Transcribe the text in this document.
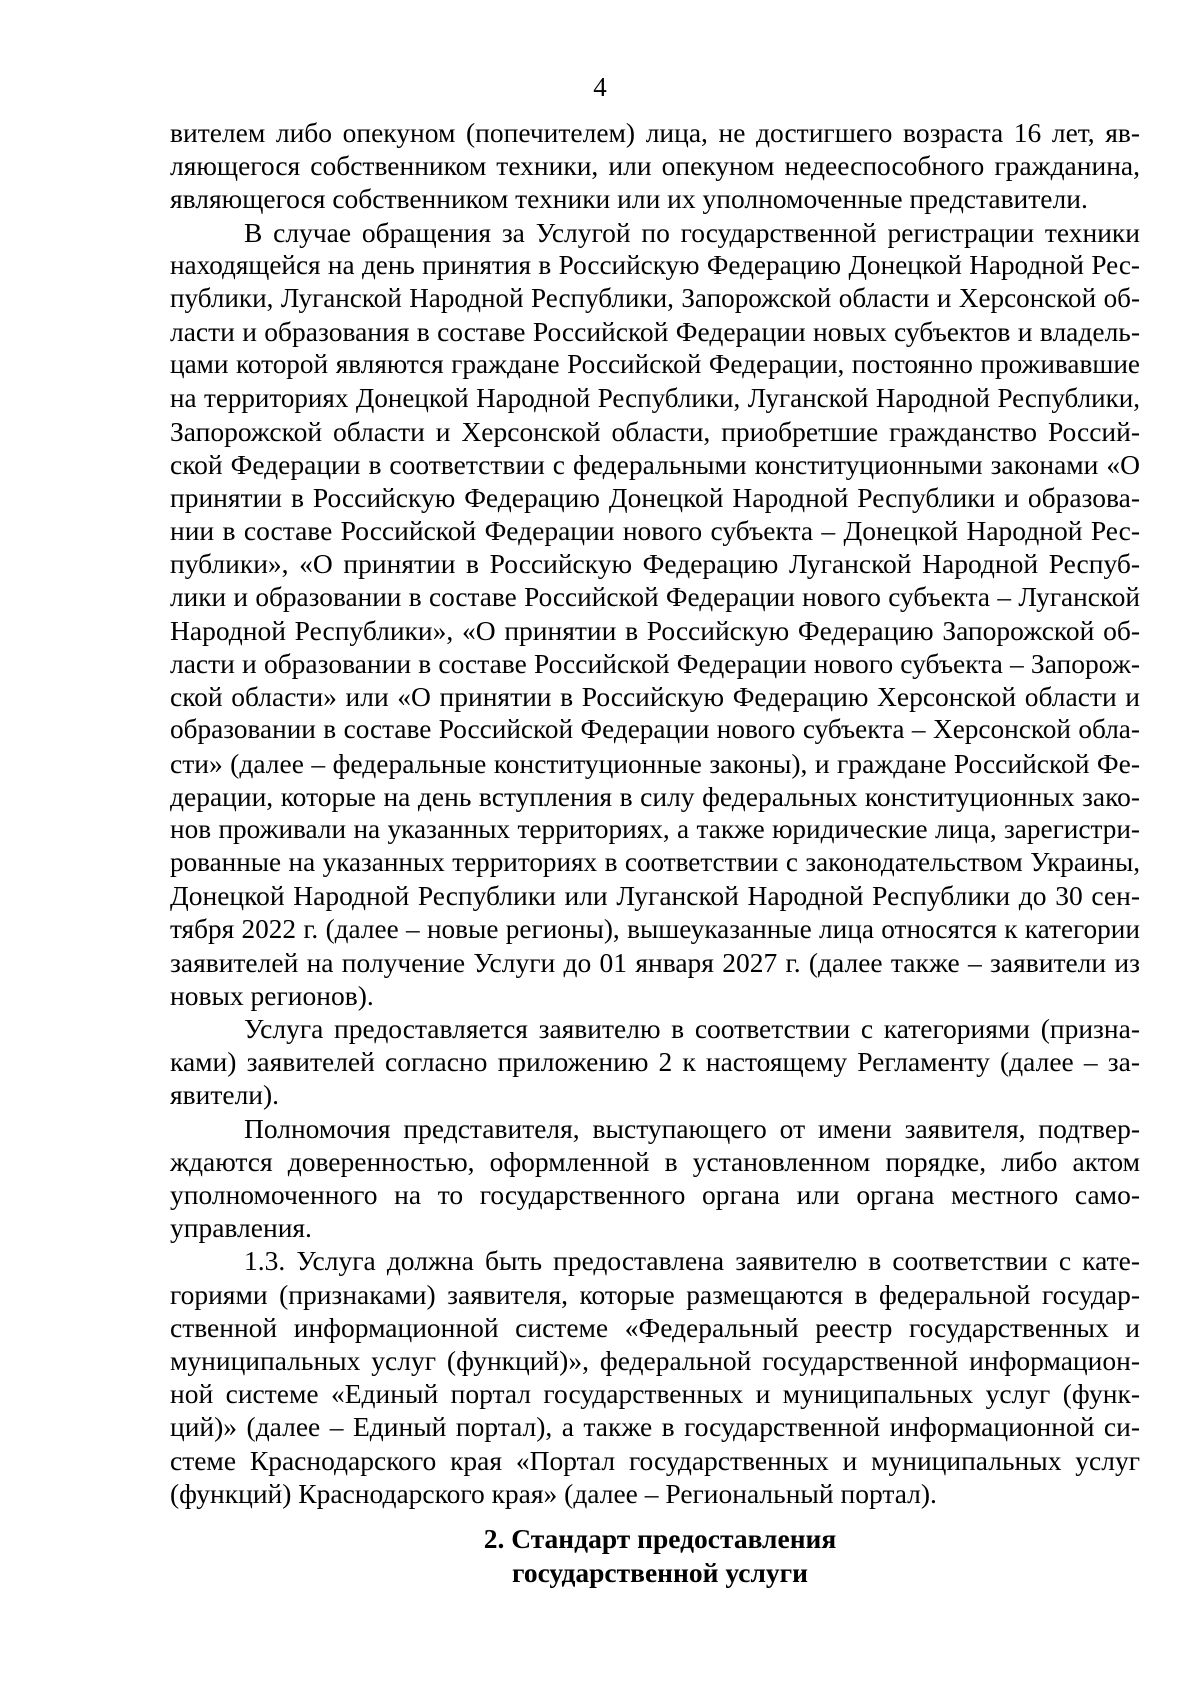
4
вителем либо опекуном (попечителем) лица, не достигшего возраста 16 лет, яв-
ляющегося собственником техники, или опекуном недееспособного гражданина,
являющегося собственником техники или их уполномоченные представители.
В случае обращения за Услугой по государственной регистрации техники
находящейся на день принятия в Российскую Федерацию Донецкой Народной Рес-
публики, Луганской Народной Республики, Запорожской области и Херсонской об-
ласти и образования в составе Российской Федерации новых субъектов и владель-
цами которой являются граждане Российской Федерации, постоянно проживавшие
на территориях Донецкой Народной Республики, Луганской Народной Республики,
Запорожской области и Херсонской области, приобретшие гражданство Россий-
ской Федерации в соответствии с федеральными конституционными законами «О
принятии в Российскую Федерацию Донецкой Народной Республики и образова-
нии в составе Российской Федерации нового субъекта – Донецкой Народной Рес-
публики», «О принятии в Российскую Федерацию Луганской Народной Респуб-
лики и образовании в составе Российской Федерации нового субъекта – Луганской
Народной Республики», «О принятии в Российскую Федерацию Запорожской об-
ласти и образовании в составе Российской Федерации нового субъекта – Запорож-
ской области» или «О принятии в Российскую Федерацию Херсонской области и
образовании в составе Российской Федерации нового субъекта – Херсонской обла-
сти» (далее – федеральные конституционные законы), и граждане Российской Фе-
дерации, которые на день вступления в силу федеральных конституционных зако-
нов проживали на указанных территориях, а также юридические лица, зарегистри-
рованные на указанных территориях в соответствии с законодательством Украины,
Донецкой Народной Республики или Луганской Народной Республики до 30 сен-
тября 2022 г. (далее – новые регионы), вышеуказанные лица относятся к категории
заявителей на получение Услуги до 01 января 2027 г. (далее также – заявители из
новых регионов).
Услуга предоставляется заявителю в соответствии с категориями (призна-
ками) заявителей согласно приложению 2 к настоящему Регламенту (далее – за-
явители).
Полномочия представителя, выступающего от имени заявителя, подтвер-
ждаются доверенностью, оформленной в установленном порядке, либо актом
уполномоченного на то государственного органа или органа местного само-
управления.
1.3. Услуга должна быть предоставлена заявителю в соответствии с кате-
гориями (признаками) заявителя, которые размещаются в федеральной государ-
ственной информационной системе «Федеральный реестр государственных и
муниципальных услуг (функций)», федеральной государственной информацион-
ной системе «Единый портал государственных и муниципальных услуг (функ-
ций)» (далее – Единый портал), а также в государственной информационной си-
стеме Краснодарского края «Портал государственных и муниципальных услуг
(функций) Краснодарского края» (далее – Региональный портал).
2. Стандарт предоставления
государственной услуги
